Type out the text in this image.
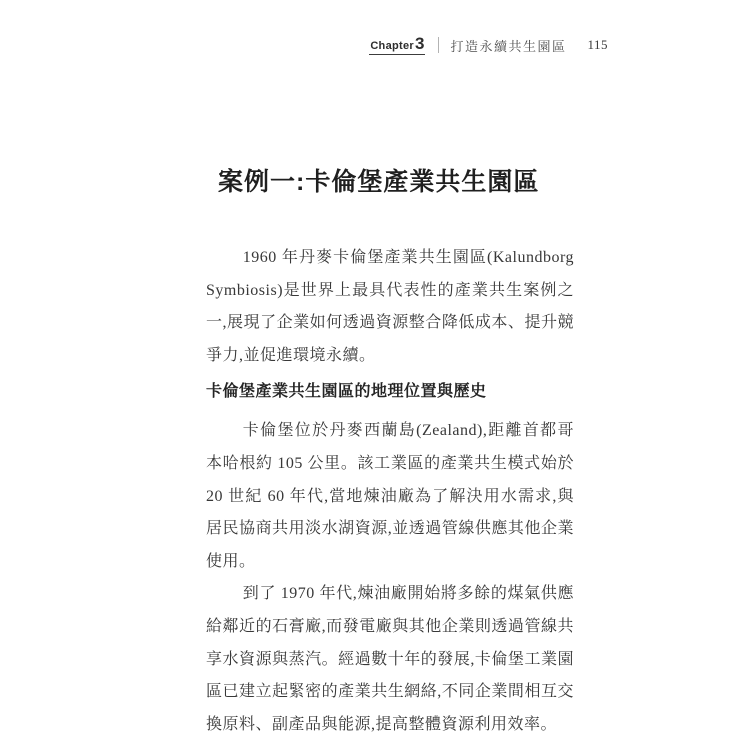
Chapter 3 打造永續共生園區 115
案例一:卡倫堡產業共生園區

1960 年丹麥卡倫堡產業共生園區(Kalundborg Symbiosis)是世界上最具代表性的產業共生案例之一,展現了企業如何透過資源整合降低成本、提升競爭力,並促進環境永續。

卡倫堡產業共生園區的地理位置與歷史

卡倫堡位於丹麥西蘭島(Zealand),距離首都哥本哈根約 105 公里。該工業區的產業共生模式始於 20 世紀 60 年代,當地煉油廠為了解決用水需求,與居民協商共用淡水湖資源,並透過管線供應其他企業使用。

到了 1970 年代,煉油廠開始將多餘的煤氣供應給鄰近的石膏廠,而發電廠與其他企業則透過管線共享水資源與蒸汽。經過數十年的發展,卡倫堡工業園區已建立起緊密的產業共生網絡,不同企業間相互交換原料、副產品與能源,提高整體資源利用效率。
